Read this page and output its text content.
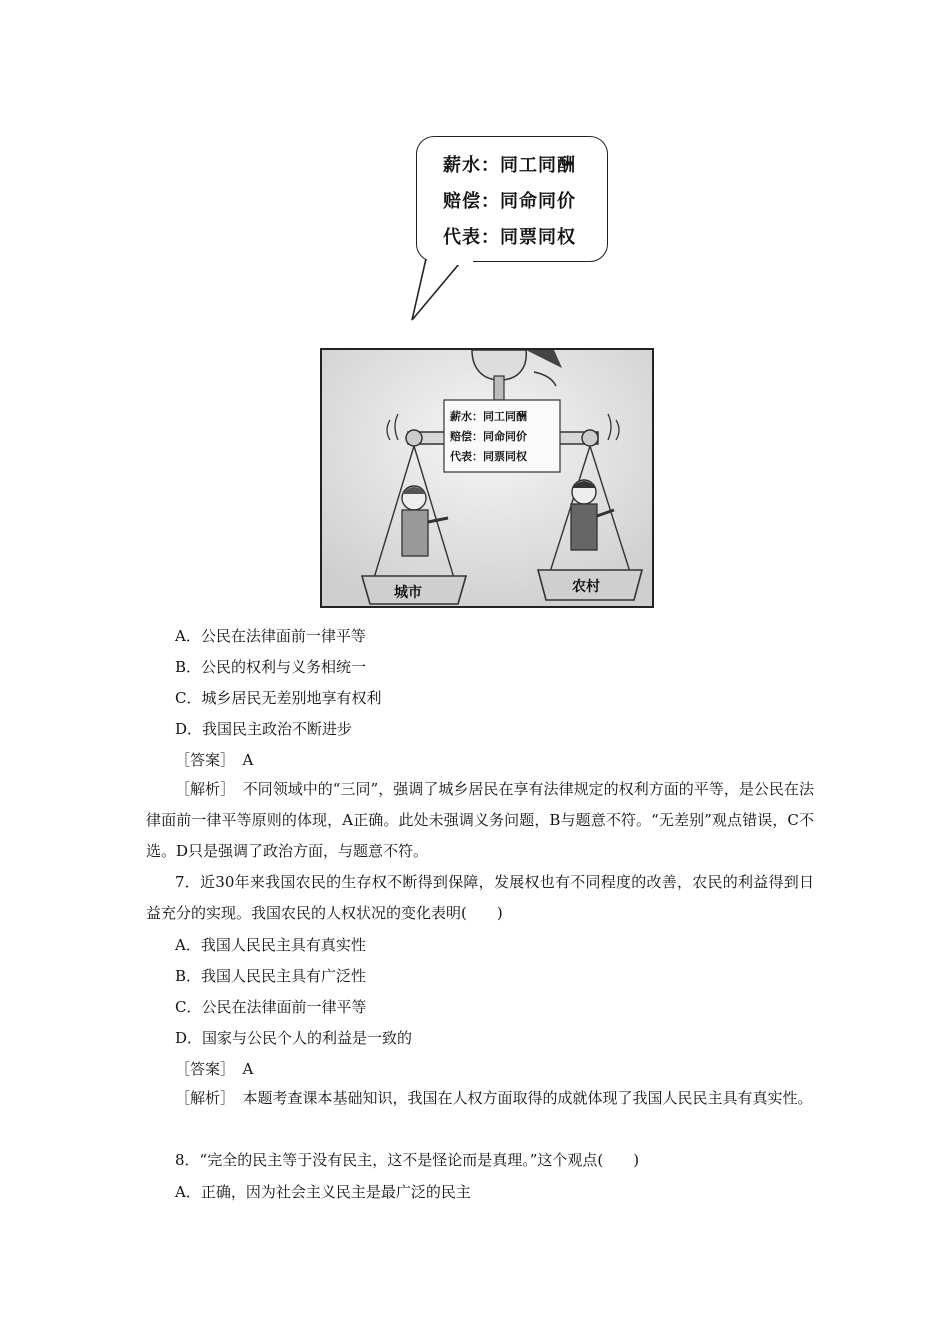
薪水：同工同酬
赔偿：同命同价
代表：同票同权
薪水：同工同酬
赔偿：同命同价
代表：同票同权
城市	农村
A．公民在法律面前一律平等
B．公民的权利与义务相统一
C．城乡居民无差别地享有权利
D．我国民主政治不断进步
［答案］　A
［解析］　不同领域中的“三同”，强调了城乡居民在享有法律规定的权利方面的平等，是公民在法律面前一律平等原则的体现，A正确。此处未强调义务问题，B与题意不符。“无差别”观点错误，C不选。D只是强调了政治方面，与题意不符。
7．近30年来我国农民的生存权不断得到保障，发展权也有不同程度的改善，农民的利益得到日益充分的实现。我国农民的人权状况的变化表明(　　)
A．我国人民民主具有真实性
B．我国人民民主具有广泛性
C．公民在法律面前一律平等
D．国家与公民个人的利益是一致的
［答案］　A
［解析］　本题考查课本基础知识，我国在人权方面取得的成就体现了我国人民民主具有真实性。
8．“完全的民主等于没有民主，这不是怪论而是真理。”这个观点(　　)
A．正确，因为社会主义民主是最广泛的民主
